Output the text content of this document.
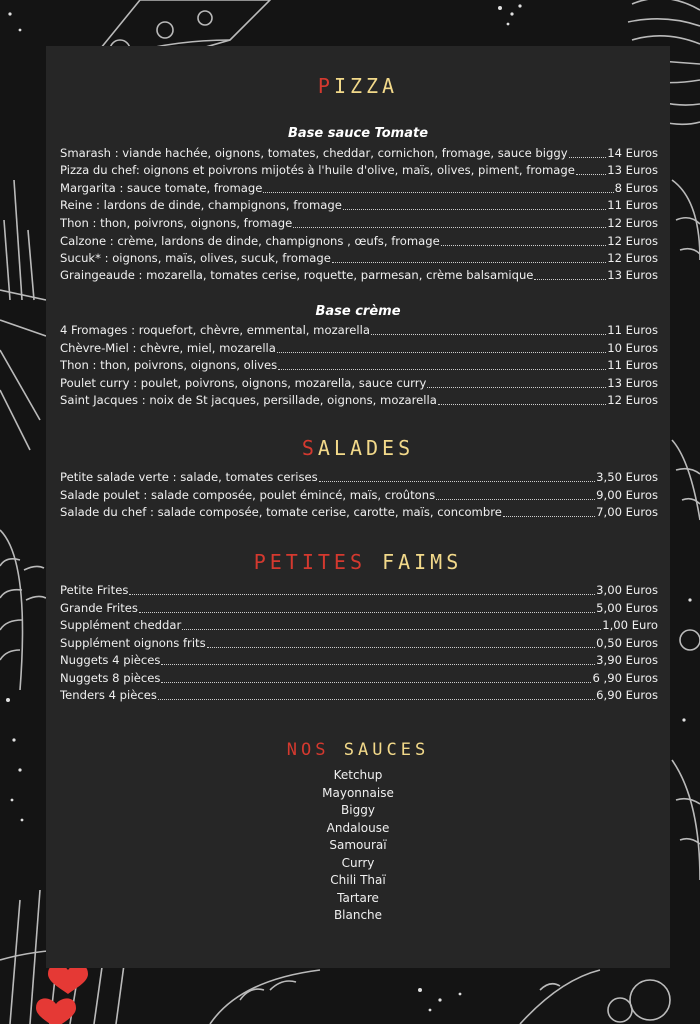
PIZZA
Base sauce Tomate
Smarash : viande hachée, oignons, tomates, cheddar, cornichon, fromage, sauce biggy	14 Euros
Pizza du chef: oignons et poivrons mijotés à l'huile d'olive, maïs, olives, piment, fromage	13 Euros
Margarita : sauce tomate, fromage	8 Euros
Reine : lardons de dinde, champignons, fromage	11 Euros
Thon : thon, poivrons, oignons, fromage	12 Euros
Calzone : crème, lardons de dinde, champignons , œufs, fromage	12 Euros
Sucuk* : oignons, maïs, olives, sucuk, fromage	12 Euros
Graingeaude : mozarella, tomates cerise, roquette, parmesan, crème balsamique	13 Euros
Base crème
4 Fromages : roquefort, chèvre, emmental, mozarella	11 Euros
Chèvre-Miel : chèvre, miel, mozarella	10 Euros
Thon : thon, poivrons, oignons, olives	11 Euros
Poulet curry : poulet, poivrons, oignons, mozarella, sauce curry	13 Euros
Saint Jacques : noix de St jacques, persillade, oignons, mozarella	12 Euros
SALADES
Petite salade verte : salade, tomates cerises	3,50 Euros
Salade poulet : salade composée, poulet émincé, maïs, croûtons	9,00 Euros
Salade du chef : salade composée, tomate cerise, carotte, maïs, concombre	7,00 Euros
PETITES FAIMS
Petite Frites	3,00 Euros
Grande Frites	5,00 Euros
Supplément cheddar	1,00 Euro
Supplément oignons frits	0,50 Euros
Nuggets 4 pièces	3,90 Euros
Nuggets 8 pièces	6 ,90 Euros
Tenders 4 pièces	6,90 Euros
NOS SAUCES
Ketchup
Mayonnaise
Biggy
Andalouse
Samouraï
Curry
Chili Thaï
Tartare
Blanche
